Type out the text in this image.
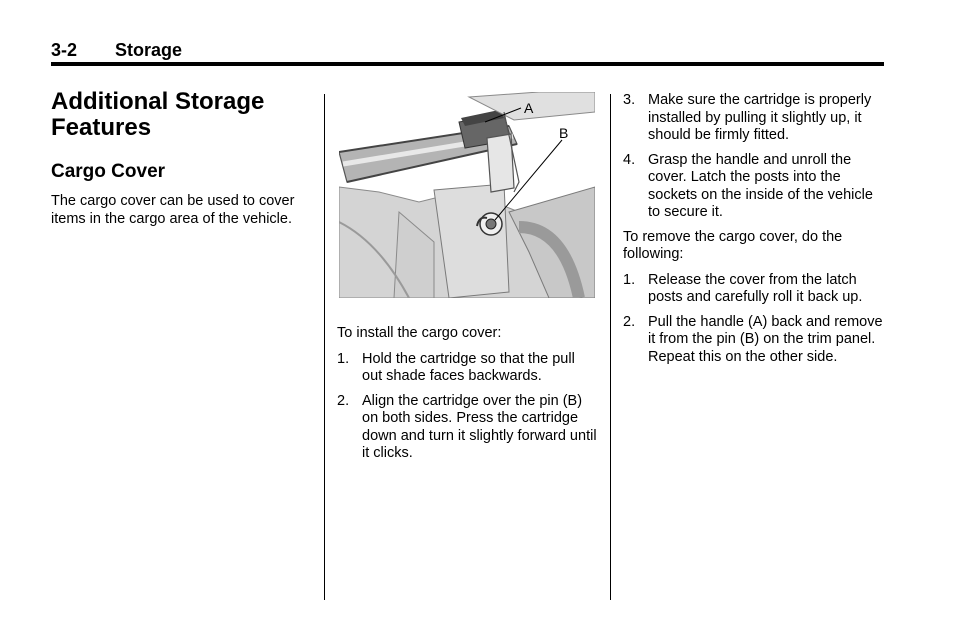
3-2 Storage
Additional Storage Features
Cargo Cover

The cargo cover can be used to cover items in the cargo area of the vehicle.

A
B

To install the cargo cover:

1. Hold the cartridge so that the pull out shade faces backwards.
2. Align the cartridge over the pin (B) on both sides. Press the cartridge down and turn it slightly forward until it clicks.
3. Make sure the cartridge is properly installed by pulling it slightly up, it should be firmly fitted.
4. Grasp the handle and unroll the cover. Latch the posts into the sockets on the inside of the vehicle to secure it.

To remove the cargo cover, do the following:

1. Release the cover from the latch posts and carefully roll it back up.
2. Pull the handle (A) back and remove it from the pin (B) on the trim panel. Repeat this on the other side.
